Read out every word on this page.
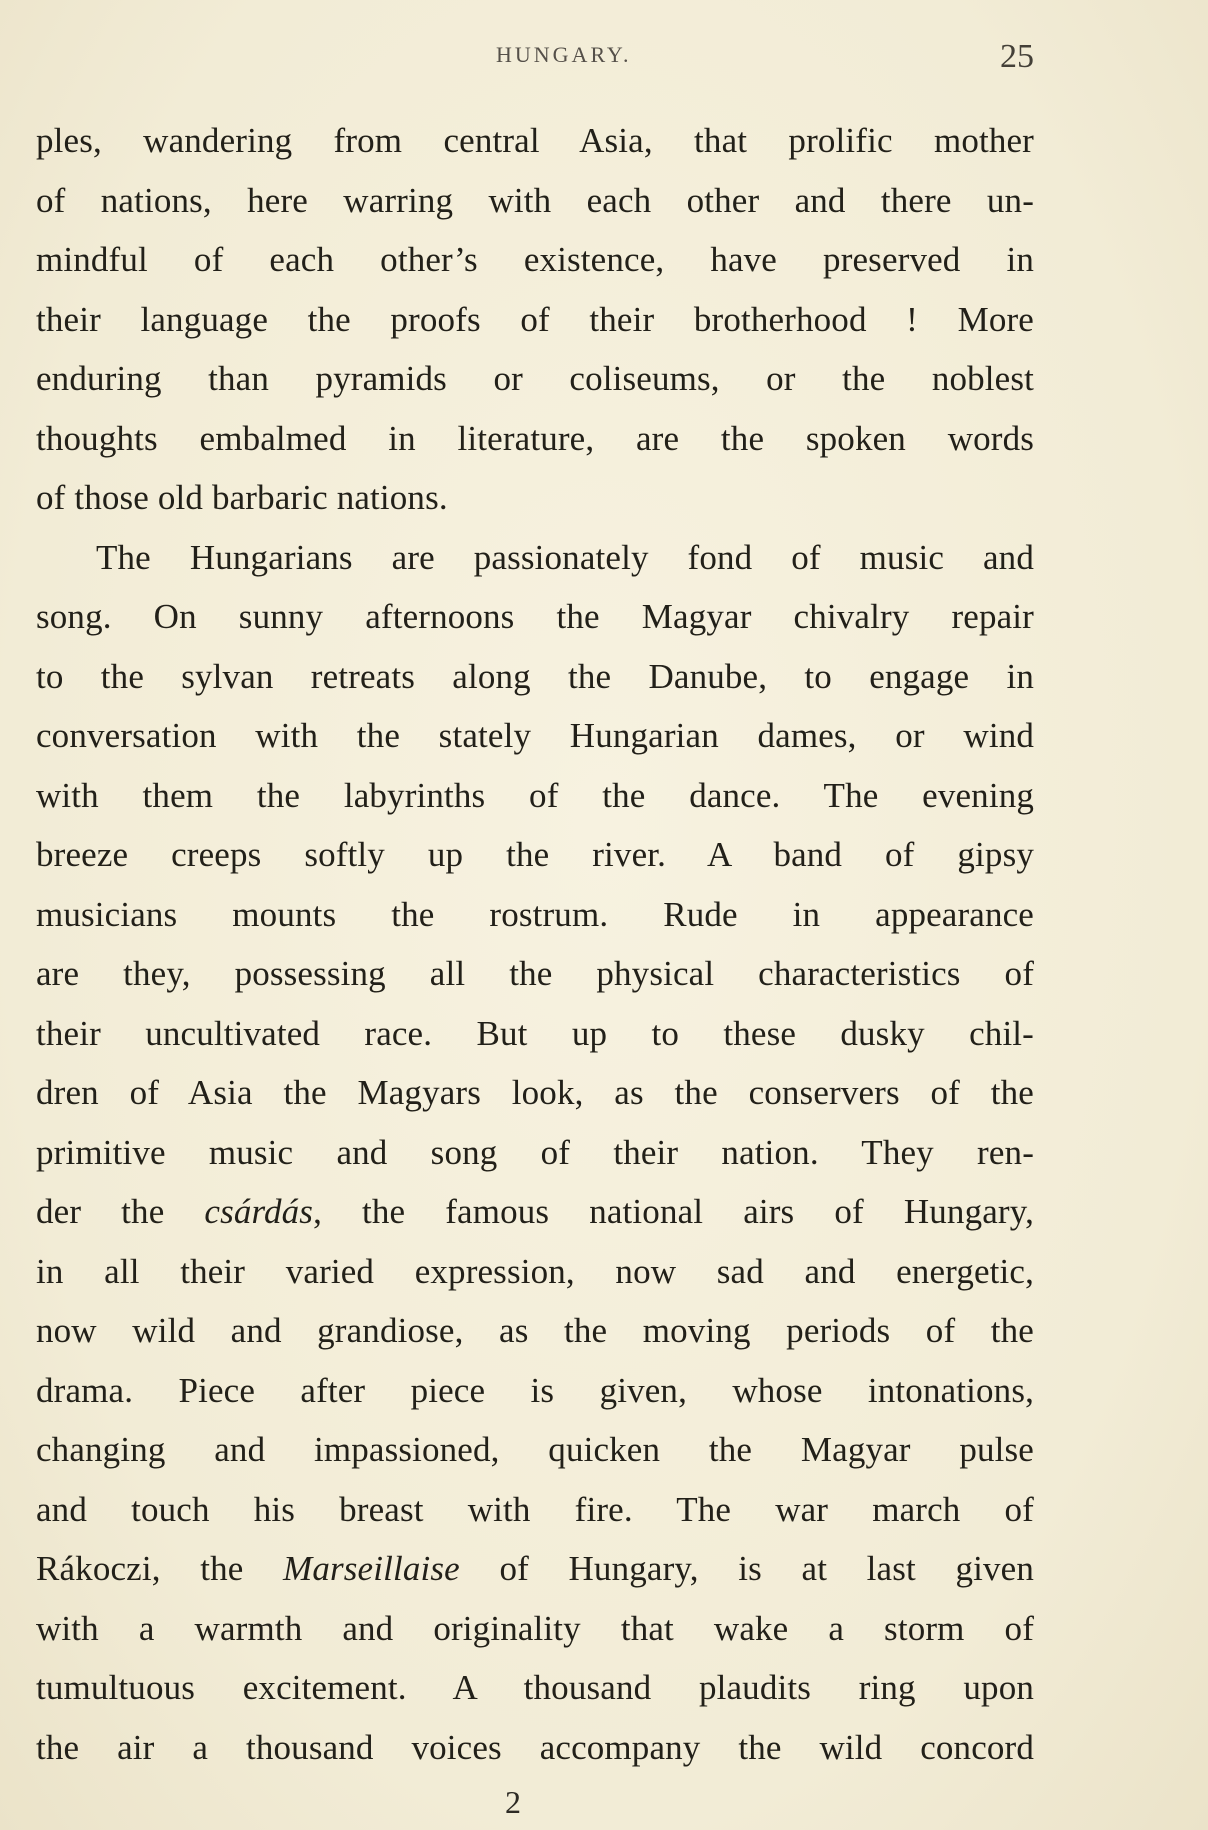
HUNGARY.	25
ples, wandering from central Asia, that prolific mother
of nations, here warring with each other and there un-
mindful of each other’s existence, have preserved in
their language the proofs of their brotherhood ! More
enduring than pyramids or coliseums, or the noblest
thoughts embalmed in literature, are the spoken words
of those old barbaric nations.
The Hungarians are passionately fond of music and
song. On sunny afternoons the Magyar chivalry repair
to the sylvan retreats along the Danube, to engage in
conversation with the stately Hungarian dames, or wind
with them the labyrinths of the dance. The evening
breeze creeps softly up the river. A band of gipsy
musicians mounts the rostrum. Rude in appearance
are they, possessing all the physical characteristics of
their uncultivated race. But up to these dusky chil-
dren of Asia the Magyars look, as the conservers of the
primitive music and song of their nation. They ren-
der the csárdás, the famous national airs of Hungary,
in all their varied expression, now sad and energetic,
now wild and grandiose, as the moving periods of the
drama. Piece after piece is given, whose intonations,
changing and impassioned, quicken the Magyar pulse
and touch his breast with fire. The war march of
Rákoczi, the Marseillaise of Hungary, is at last given
with a warmth and originality that wake a storm of
tumultuous excitement. A thousand plaudits ring upon
the air a thousand voices accompany the wild concord
2
